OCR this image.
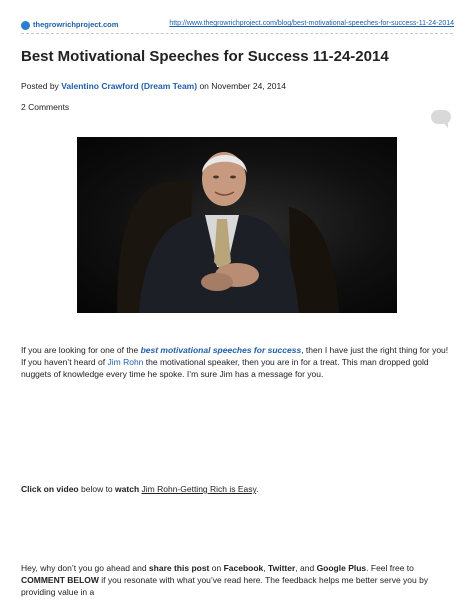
thegrowrichproject.com	http://www.thegrowrichproject.com/blog/best-motivational-speeches-for-success-11-24-2014
Best Motivational Speeches for Success 11-24-2014
Posted by Valentino Crawford (Dream Team) on November 24, 2014
2 Comments

If you are looking for one of the best motivational speeches for success, then I have just the right thing for you! If you haven’t heard of Jim Rohn the motivational speaker, then you are in for a treat. This man dropped gold nuggets of knowledge every time he spoke. I’m sure Jim has a message for you.

Click on video below to watch Jim Rohn-Getting Rich is Easy.

Hey, why don’t you go ahead and share this post on Facebook, Twitter, and Google Plus. Feel free to COMMENT BELOW if you resonate with what you’ve read here. The feedback helps me better serve you by providing value in a
